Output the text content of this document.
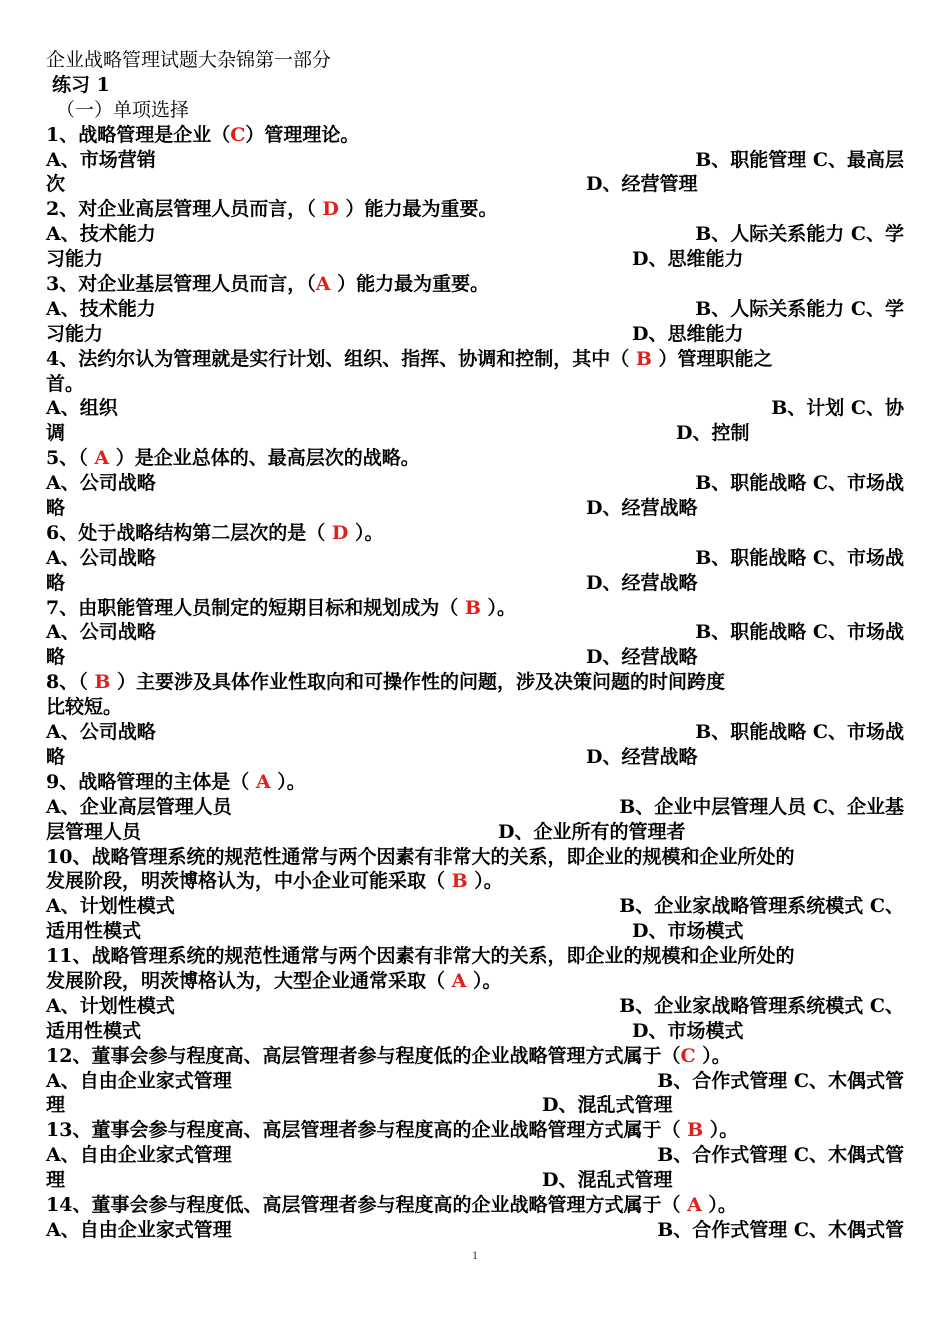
企业战略管理试题大杂锦第一部分
练习 1
（一）单项选择
1、战略管理是企业（C）管理理论。
A、市场营销	B、职能管理 C、最高层
次	D、经营管理
2、对企业高层管理人员而言，（ D ）能力最为重要。
A、技术能力	B、人际关系能力 C、学
习能力	D、思维能力
3、对企业基层管理人员而言，（A ）能力最为重要。
A、技术能力	B、人际关系能力 C、学
习能力	D、思维能力
4、法约尔认为管理就是实行计划、组织、指挥、协调和控制，其中（ B ）管理职能之
首。
A、组织	B、计划 C、协
调	D、控制
5、（ A ）是企业总体的、最高层次的战略。
A、公司战略	B、职能战略 C、市场战
略	D、经营战略
6、处于战略结构第二层次的是（ D ）。
A、公司战略	B、职能战略 C、市场战
略	D、经营战略
7、由职能管理人员制定的短期目标和规划成为（ B ）。
A、公司战略	B、职能战略 C、市场战
略	D、经营战略
8、（ B ）主要涉及具体作业性取向和可操作性的问题，涉及决策问题的时间跨度
比较短。
A、公司战略	B、职能战略 C、市场战
略	D、经营战略
9、战略管理的主体是（ A ）。
A、企业高层管理人员	B、企业中层管理人员 C、企业基
层管理人员	D、企业所有的管理者
10、战略管理系统的规范性通常与两个因素有非常大的关系，即企业的规模和企业所处的
发展阶段，明茨博格认为，中小企业可能采取（ B ）。
A、计划性模式	B、企业家战略管理系统模式 C、
适用性模式	D、市场模式
11、战略管理系统的规范性通常与两个因素有非常大的关系，即企业的规模和企业所处的
发展阶段，明茨博格认为，大型企业通常采取（ A ）。
A、计划性模式	B、企业家战略管理系统模式 C、
适用性模式	D、市场模式
12、董事会参与程度高、高层管理者参与程度低的企业战略管理方式属于（C ）。
A、自由企业家式管理	B、合作式管理 C、木偶式管
理	D、混乱式管理
13、董事会参与程度高、高层管理者参与程度高的企业战略管理方式属于（ B ）。
A、自由企业家式管理	B、合作式管理 C、木偶式管
理	D、混乱式管理
14、董事会参与程度低、高层管理者参与程度高的企业战略管理方式属于（ A ）。
A、自由企业家式管理	B、合作式管理 C、木偶式管
1
